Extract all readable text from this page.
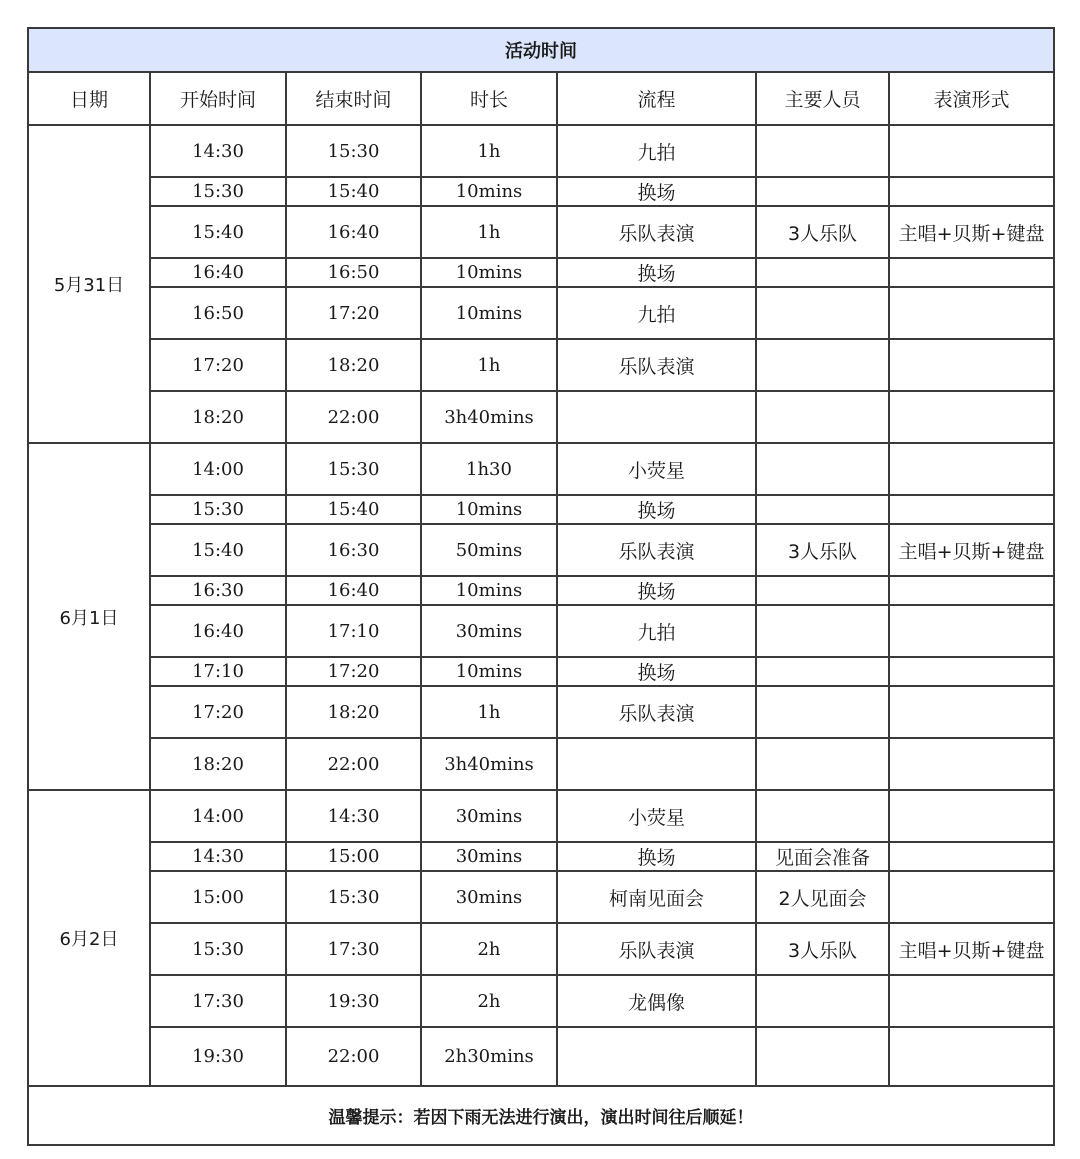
活动时间						
日期	开始时间	结束时间	时长	流程	主要人员	表演形式
5月31日	14:30	15:30	1h	九拍		
	15:30	15:40	10mins	换场		
	15:40	16:40	1h	乐队表演	3人乐队	主唱+贝斯+键盘
	16:40	16:50	10mins	换场		
	16:50	17:20	10mins	九拍		
	17:20	18:20	1h	乐队表演		
	18:20	22:00	3h40mins			
6月1日	14:00	15:30	1h30	小荧星		
	15:30	15:40	10mins	换场		
	15:40	16:30	50mins	乐队表演	3人乐队	主唱+贝斯+键盘
	16:30	16:40	10mins	换场		
	16:40	17:10	30mins	九拍		
	17:10	17:20	10mins	换场		
	17:20	18:20	1h	乐队表演		
	18:20	22:00	3h40mins			
6月2日	14:00	14:30	30mins	小荧星		
	14:30	15:00	30mins	换场	见面会准备	
	15:00	15:30	30mins	柯南见面会	2人见面会	
	15:30	17:30	2h	乐队表演	3人乐队	主唱+贝斯+键盘
	17:30	19:30	2h	龙偶像		
	19:30	22:00	2h30mins			
温馨提示：若因下雨无法进行演出，演出时间往后顺延！						
